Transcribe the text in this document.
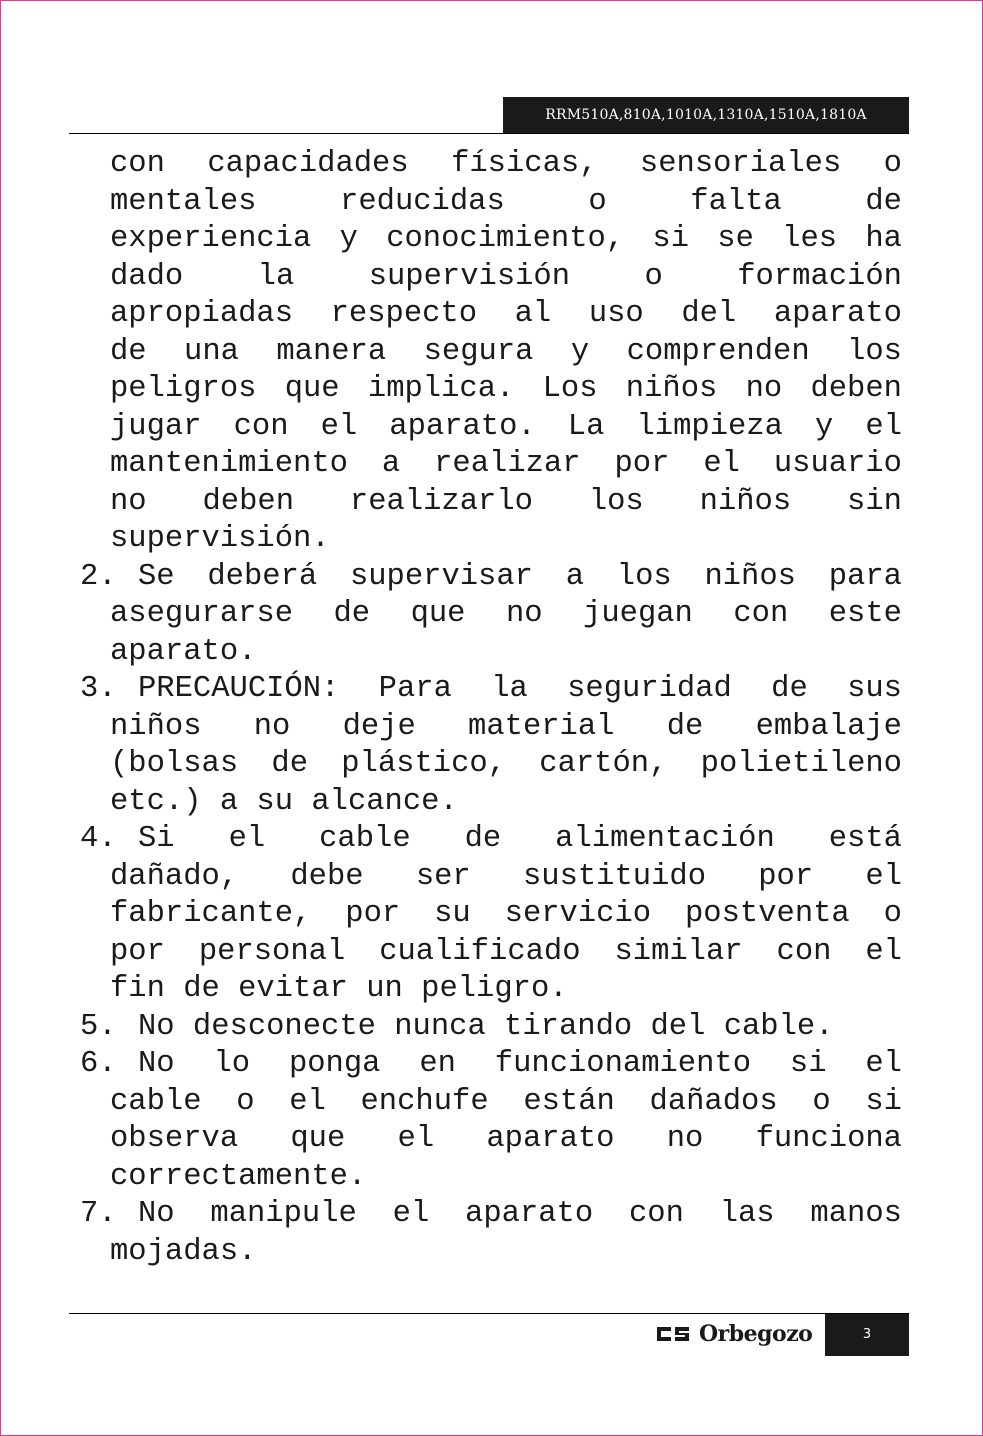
RRM510A,810A,1010A,1310A,1510A,1810A
con capacidades físicas, sensoriales o
mentales	reducidas	o	falta	de
experiencia y conocimiento, si se les ha
dado la supervisión o formación
apropiadas respecto al uso del aparato
de una manera segura y comprenden los
peligros que implica. Los niños no deben
jugar con el aparato. La limpieza y el
mantenimiento a realizar por el usuario
no deben realizarlo los niños sin
supervisión.
2. Se deberá supervisar a los niños para
asegurarse de que no juegan con este
aparato.
3. PRECAUCIÓN: Para la seguridad de sus
niños no deje material de embalaje
(bolsas de plástico, cartón, polietileno
etc.) a su alcance.
4. Si el cable de alimentación está
dañado, debe ser sustituido por el
fabricante, por su servicio postventa o
por personal cualificado similar con el
fin de evitar un peligro.
5. No desconecte nunca tirando del cable.
6. No lo ponga en funcionamiento si el
cable o el enchufe están dañados o si
observa que el aparato no funciona
correctamente.
7. No manipule el aparato con las manos
mojadas.
Orbegozo	3
